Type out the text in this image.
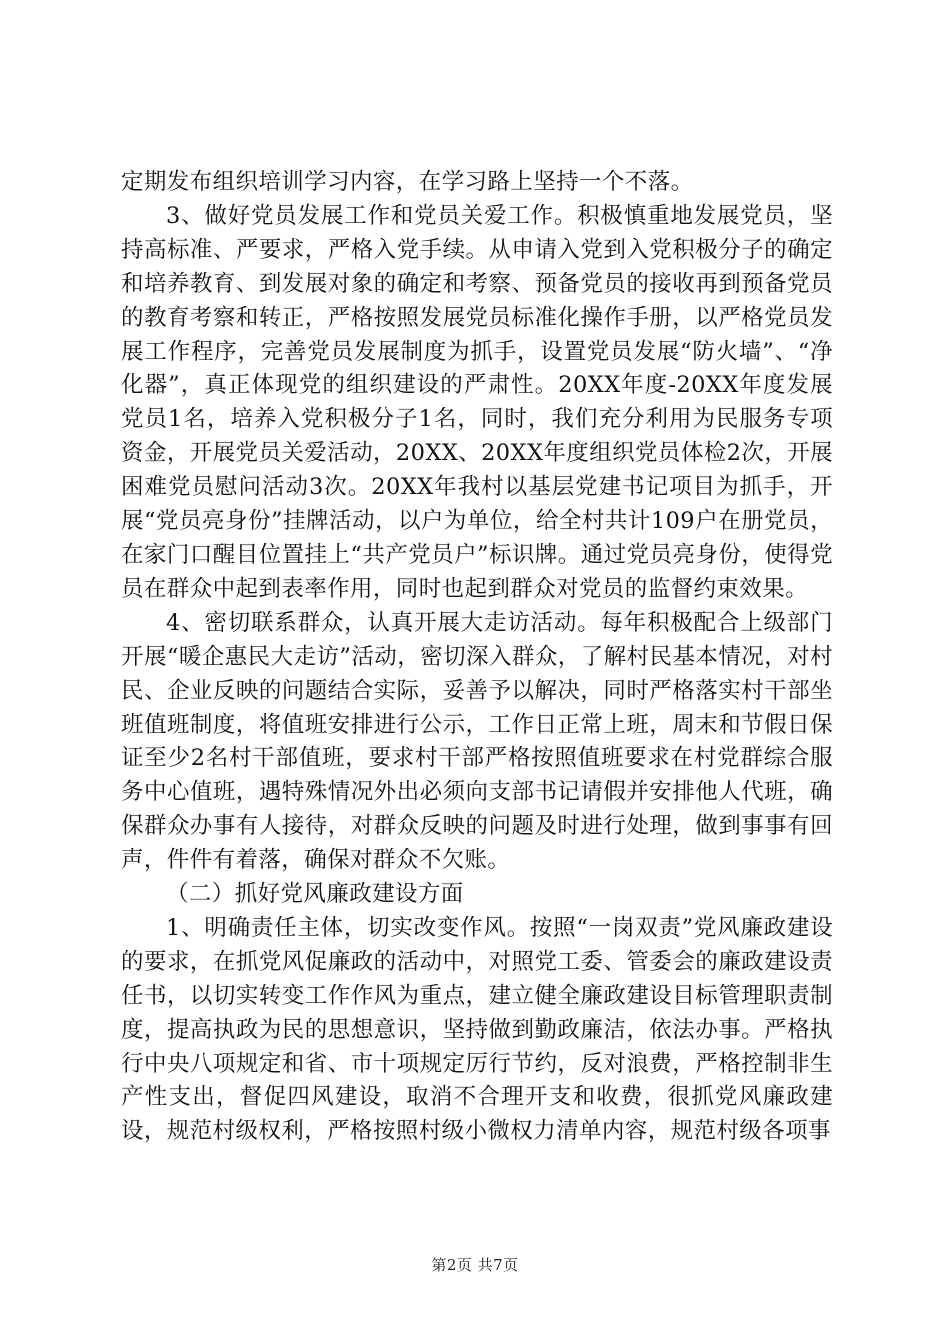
定期发布组织培训学习内容，在学习路上坚持一个不落。

3、做好党员发展工作和党员关爱工作。积极慎重地发展党员，坚持高标准、严要求，严格入党手续。从申请入党到入党积极分子的确定和培养教育、到发展对象的确定和考察、预备党员的接收再到预备党员的教育考察和转正，严格按照发展党员标准化操作手册，以严格党员发展工作程序，完善党员发展制度为抓手，设置党员发展“防火墙”、“净化器”，真正体现党的组织建设的严肃性。20XX年度-20XX年度发展党员1名，培养入党积极分子1名，同时，我们充分利用为民服务专项资金，开展党员关爱活动，20XX、20XX年度组织党员体检2次，开展困难党员慰问活动3次。20XX年我村以基层党建书记项目为抓手，开展“党员亮身份”挂牌活动，以户为单位，给全村共计109户在册党员，在家门口醒目位置挂上“共产党员户”标识牌。通过党员亮身份，使得党员在群众中起到表率作用，同时也起到群众对党员的监督约束效果。

4、密切联系群众，认真开展大走访活动。每年积极配合上级部门开展“暖企惠民大走访”活动，密切深入群众，了解村民基本情况，对村民、企业反映的问题结合实际，妥善予以解决，同时严格落实村干部坐班值班制度，将值班安排进行公示，工作日正常上班，周末和节假日保证至少2名村干部值班，要求村干部严格按照值班要求在村党群综合服务中心值班，遇特殊情况外出必须向支部书记请假并安排他人代班，确保群众办事有人接待，对群众反映的问题及时进行处理，做到事事有回声，件件有着落，确保对群众不欠账。

（二）抓好党风廉政建设方面

1、明确责任主体，切实改变作风。按照“一岗双责”党风廉政建设的要求，在抓党风促廉政的活动中，对照党工委、管委会的廉政建设责任书，以切实转变工作作风为重点，建立健全廉政建设目标管理职责制度，提高执政为民的思想意识，坚持做到勤政廉洁，依法办事。严格执行中央八项规定和省、市十项规定厉行节约，反对浪费，严格控制非生产性支出，督促四风建设，取消不合理开支和收费，很抓党风廉政建设，规范村级权利，严格按照村级小微权力清单内容，规范村级各项事

第2页 共7页
